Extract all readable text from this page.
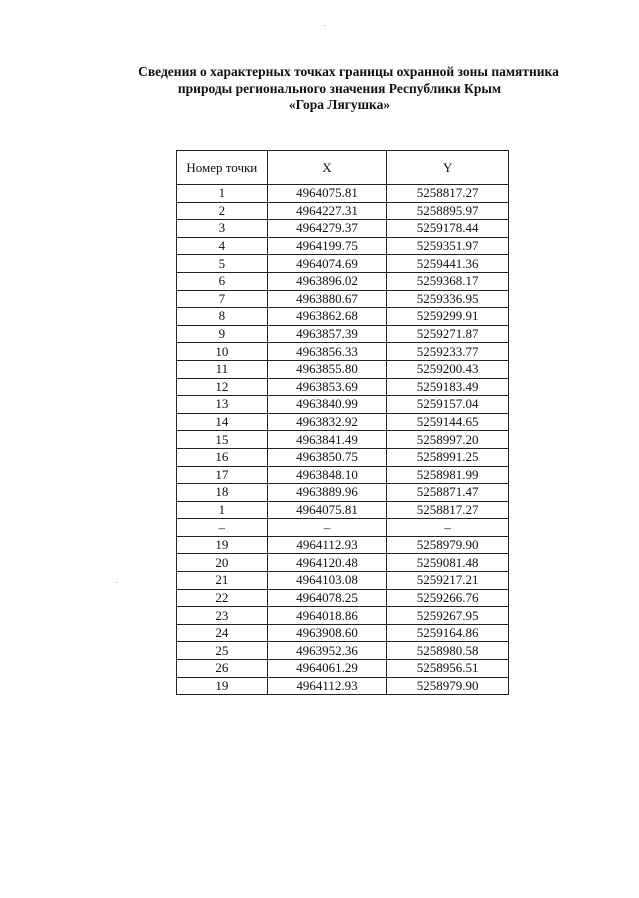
Сведения о характерных точках границы охранной зоны памятника
природы регионального значения Республики Крым
«Гора Лягушка»
Номер точки	X	Y
1	4964075.81	5258817.27
2	4964227.31	5258895.97
3	4964279.37	5259178.44
4	4964199.75	5259351.97
5	4964074.69	5259441.36
6	4963896.02	5259368.17
7	4963880.67	5259336.95
8	4963862.68	5259299.91
9	4963857.39	5259271.87
10	4963856.33	5259233.77
11	4963855.80	5259200.43
12	4963853.69	5259183.49
13	4963840.99	5259157.04
14	4963832.92	5259144.65
15	4963841.49	5258997.20
16	4963850.75	5258991.25
17	4963848.10	5258981.99
18	4963889.96	5258871.47
1	4964075.81	5258817.27
–	–	–
19	4964112.93	5258979.90
20	4964120.48	5259081.48
21	4964103.08	5259217.21
22	4964078.25	5259266.76
23	4964018.86	5259267.95
24	4963908.60	5259164.86
25	4963952.36	5258980.58
26	4964061.29	5258956.51
19	4964112.93	5258979.90
